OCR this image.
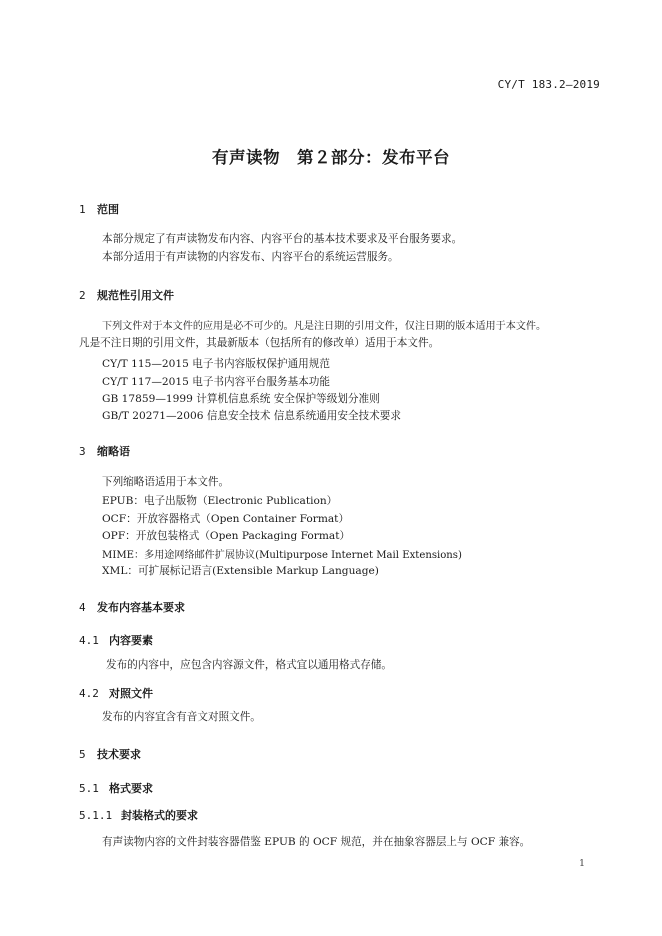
CY/T 183.2—2019
有声读物　第２部分：发布平台
1 范围
本部分规定了有声读物发布内容、内容平台的基本技术要求及平台服务要求。
本部分适用于有声读物的内容发布、内容平台的系统运营服务。
2 规范性引用文件
下列文件对于本文件的应用是必不可少的。凡是注日期的引用文件，仅注日期的版本适用于本文件。
凡是不注日期的引用文件，其最新版本（包括所有的修改单）适用于本文件。
CY/T 115—2015 电子书内容版权保护通用规范
CY/T 117—2015 电子书内容平台服务基本功能
GB 17859—1999 计算机信息系统 安全保护等级划分准则
GB/T 20271—2006 信息安全技术 信息系统通用安全技术要求
3 缩略语
下列缩略语适用于本文件。
EPUB：电子出版物（Electronic Publication）
OCF：开放容器格式（Open Container Format）
OPF：开放包装格式（Open Packaging Format）
MIME：多用途网络邮件扩展协议(Multipurpose Internet Mail Extensions)
XML：可扩展标记语言(Extensible Markup Language)
4 发布内容基本要求
4.1 内容要素
发布的内容中，应包含内容源文件，格式宜以通用格式存储。
4.2 对照文件
发布的内容宜含有音文对照文件。
5 技术要求
5.1 格式要求
5.1.1 封装格式的要求
有声读物内容的文件封装容器借鉴 EPUB 的 OCF 规范，并在抽象容器层上与 OCF 兼容。
1
